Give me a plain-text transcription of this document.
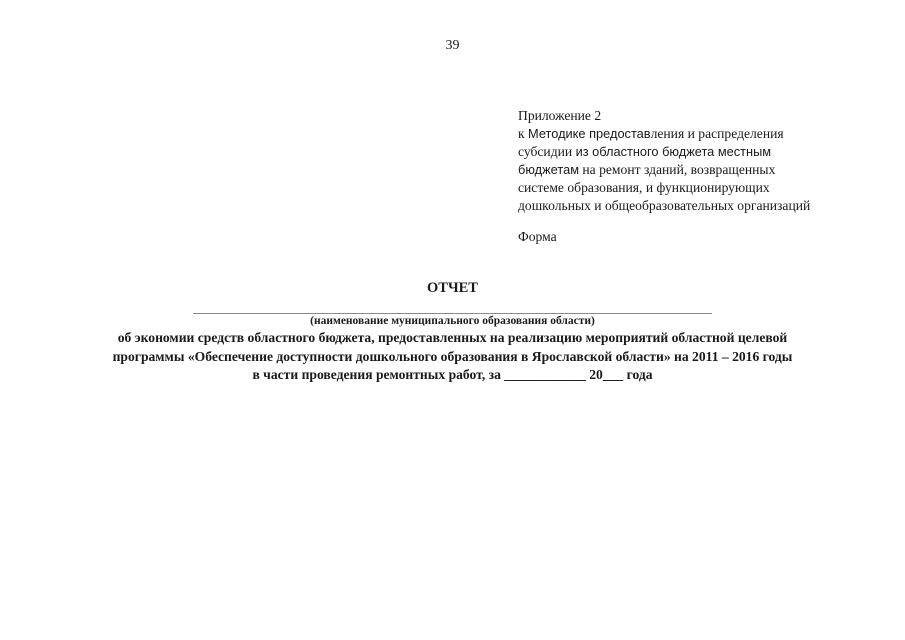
39
Приложение 2
к Методике предоставления и распределения
субсидии из областного бюджета местным
бюджетам на ремонт зданий, возвращенных
системе образования, и функционирующих
дошкольных и общеобразовательных организаций
Форма
ОТЧЕТ
(наименование муниципального образования области)
об экономии средств областного бюджета, предоставленных на реализацию мероприятий областной целевой
программы «Обеспечение доступности дошкольного образования в Ярославской области» на 2011 – 2016 годы
в части проведения ремонтных работ, за ____________ 20___ года
